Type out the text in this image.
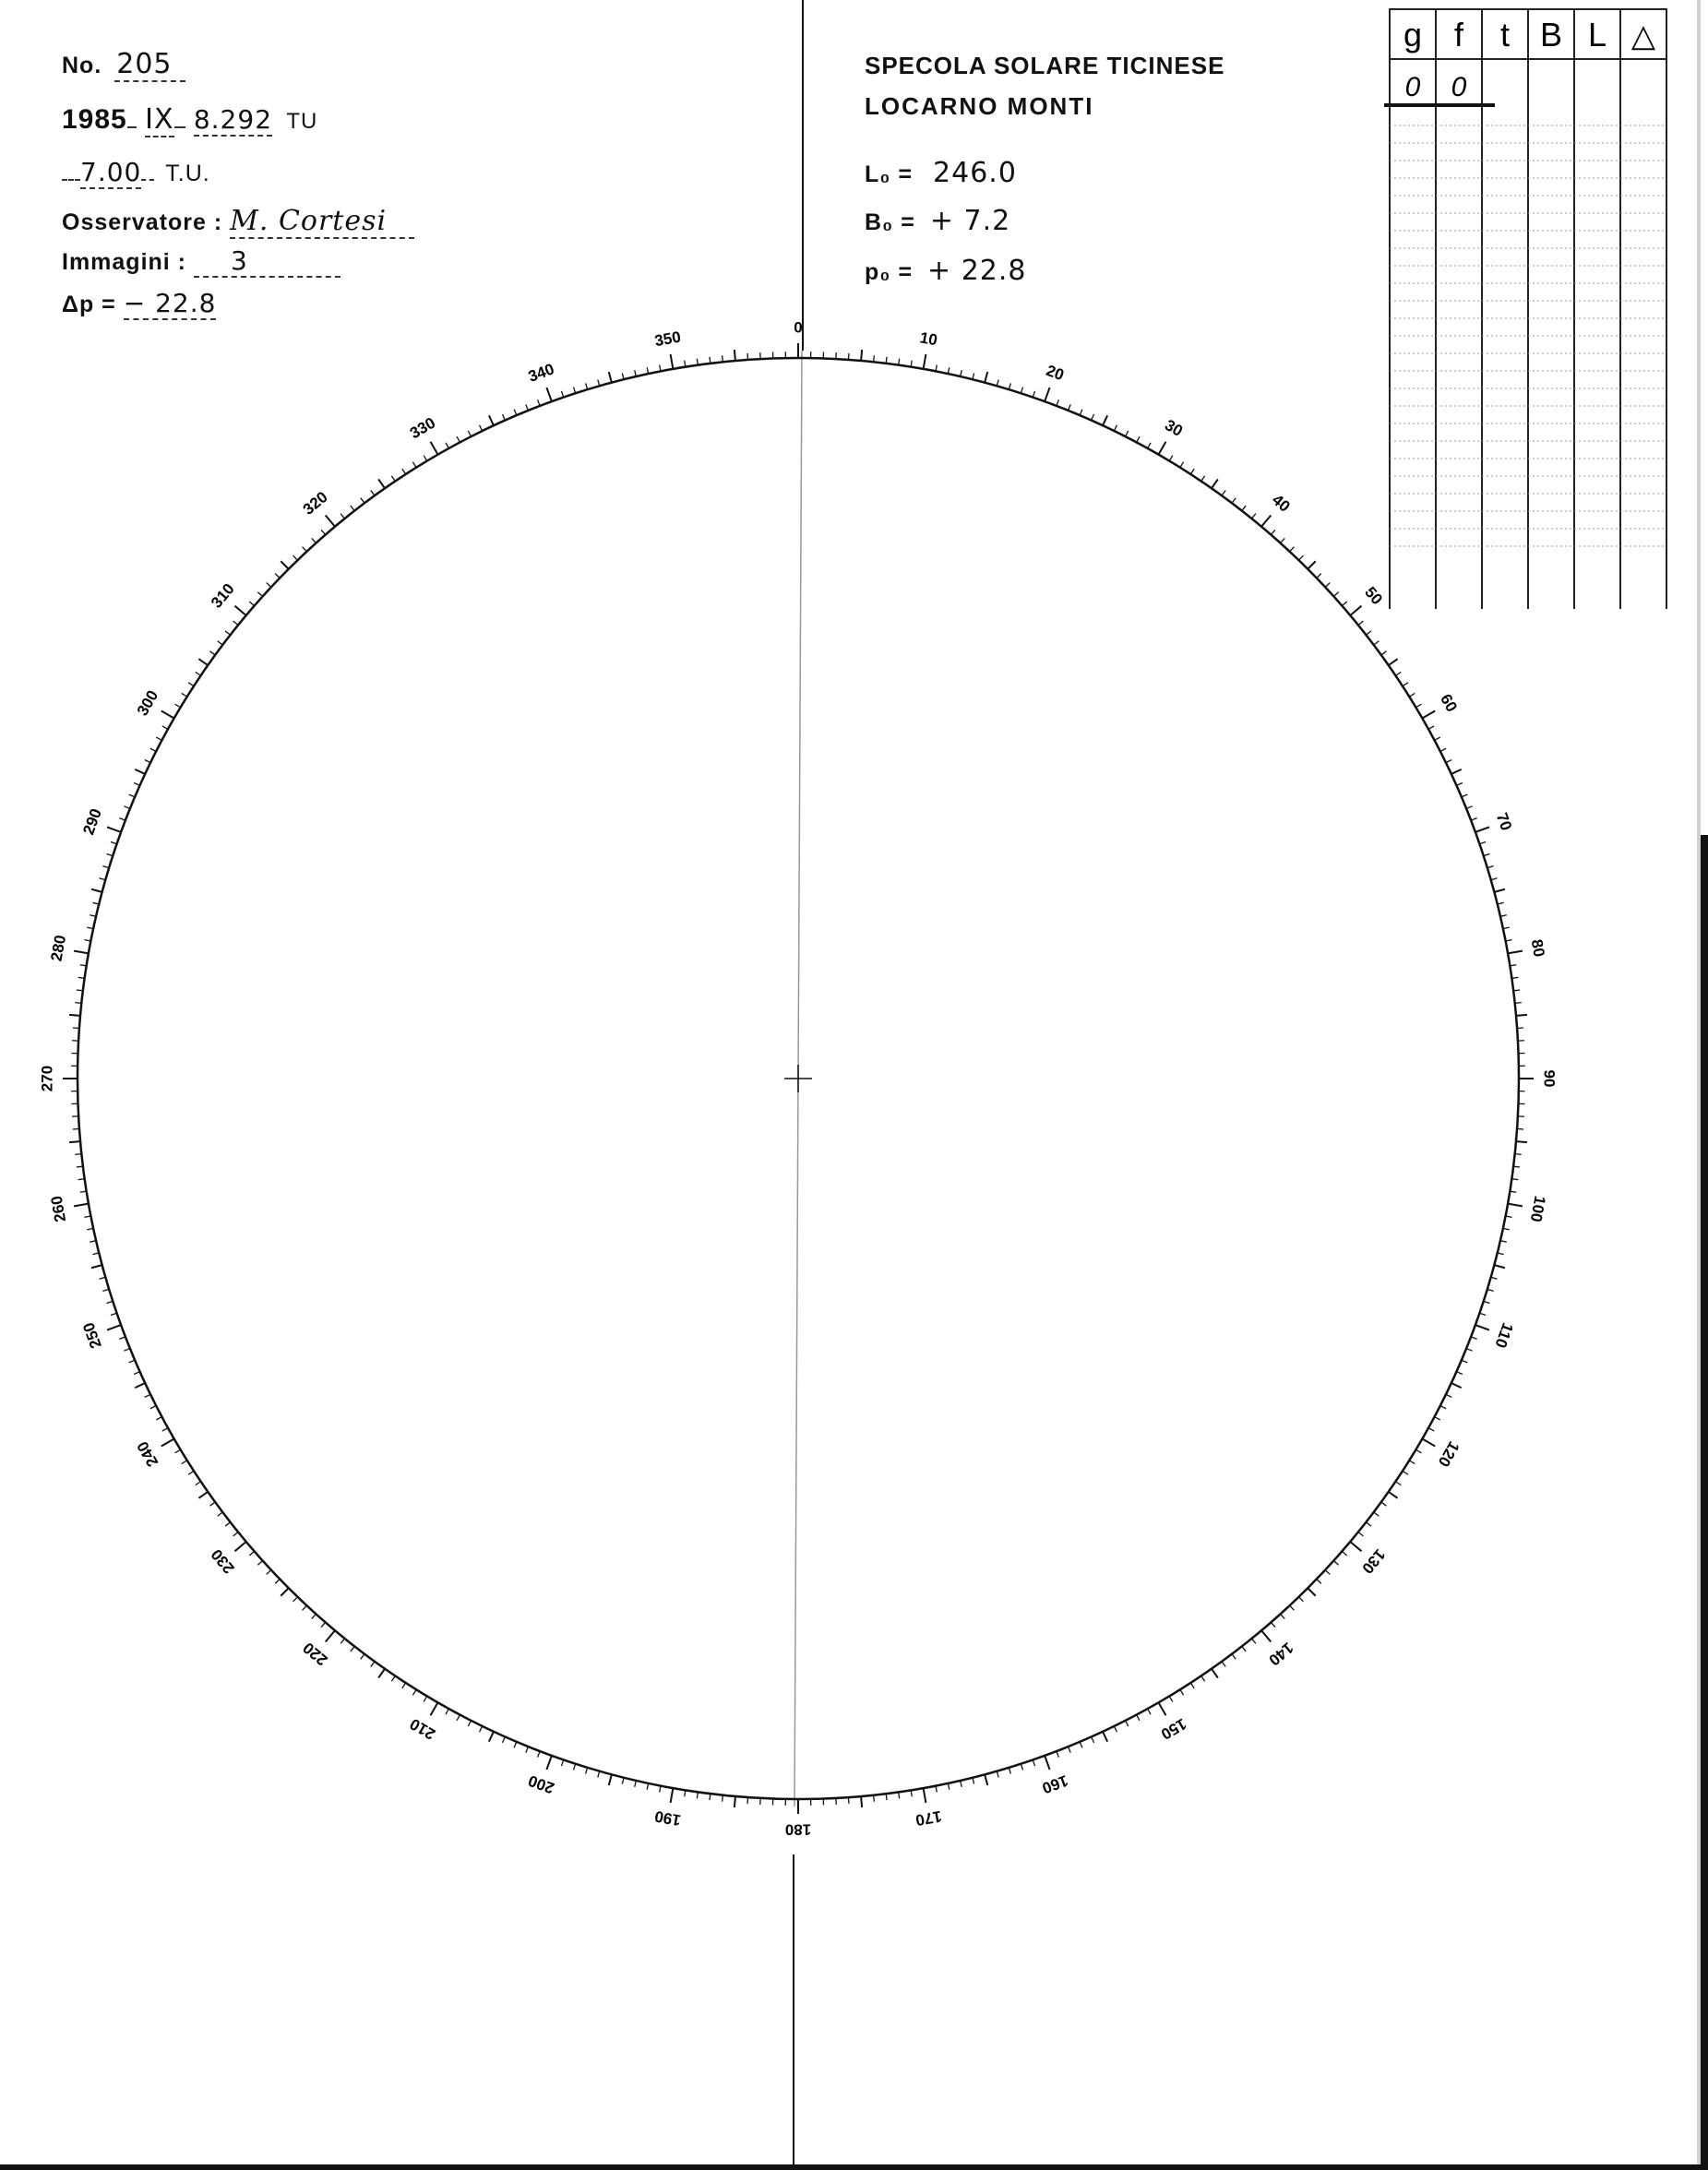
No. 205
1985 IX 8.292 TU
7.00 T.U.
Osservatore : M. Cortesi
Immagini : 3
Δp = − 22.8
SPECOLA SOLARE TICINESE
LOCARNO MONTI
L₀ = 246.0
B₀ = + 7.2
p₀ = + 22.8
0
10
20
30
40
50
60
70
80
90
100
110
120
130
140
150
160
170
180
190
200
210
220
230
240
250
260
270
280
290
300
310
320
330
340
350
g f t B L △
0 0
